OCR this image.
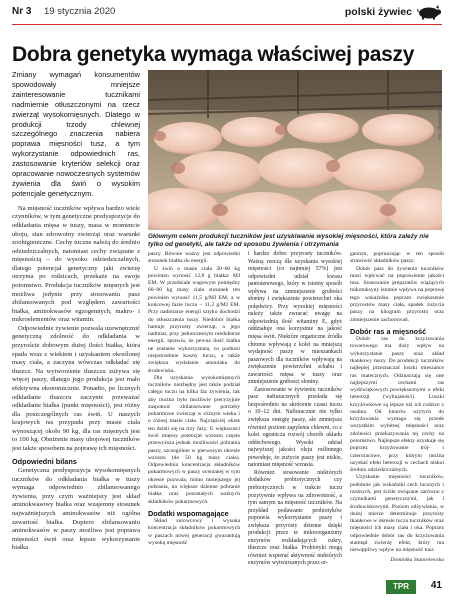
Nr 3 19 stycznia 2020	polski żywiec
Dobra genetyka wymaga właściwej paszy
Zmiany wymagań konsumentów spowodowały mniejsze zainteresowanie tucznikami nadmiernie otłuszczonymi na rzecz zwierząt wysokomięsnych. Dlatego w produkcji trzody chlewnej szczególnego znaczenia nabiera poprawa mięsności tusz, a tym wykorzystanie odpowiednich ras, zastosowanie kryteriów selekcji oraz opracowanie nowoczesnych systemów żywienia dla świń o wysokim potencjale genetycznym.
Fot. Shutterstock / Nay Skubic
Głównym celem produkcji tuczników jest uzyskiwanie wysokiej mięsności, która zależy nie tylko od genetyki, ale także od sposobu żywienia i utrzymania

Na mięsność tuczników wpływa bardzo wiele czynników, w tym genetyczne predyspozycje do odkładania mięsa w tuszy, masa w momencie uboju, stan zdrowotny zwierząt oraz warunki zoohigieniczne. Cechy tuczne należą do średnio odziedziczalnych, natomiast cechy związane z mięsnością – do wysoko odziedziczalnych, dlatego potencjał genetyczny jaki zwierzę otrzyma po rodzicach, przekaże na swoje potomstwo. Produkcja tuczników mięsnych jest możliwa jedynie przy stosowaniu pasz zbilansowanych pod względem zawartości białka, aminokwasów egzogennych, makro- i mikroelementów oraz witamin.

Odpowiednie żywienie pozwala uzewnętrznić genetyczną zdolność do odkładania w przyroście dobowym dużej ilości białka, która spada wraz z wiekiem i uzyskaniem określonej masy ciała, a zaczyna wówczas odkładać się tłuszcz. Na wytworzenie tłuszczu zużywa się więcej paszy, dlatego jego produkcja jest mało efektywna ekonomicznie. Ponadto, po licznych odkładanie tłuszczu zaczynie przeważać odkładanie białka (punkt mięsności), jest różny dla poszczególnych ras świń. U naszych krajowych ras przypada przy masie ciała wynoszącej około 90 kg, dla ras mięsnych jest to 100 kg. Obniżenie masy ubojowej tuczników jest także sposobem na poprawę ich mięsności.

Odpowiedni bilans

Genetyczna predyspozycja wysokomięsnych tuczników do odkładania białka w tuszy wymaga odpowiednio zbilansowanego żywienia, przy czym ważniejszy jest skład aminokwasowy białka oraz wzajemny stosunek najważniejszych aminokwasów niż ogólna zawartość białka. Dopiero zbilansowaniu aminokwasów w paszy możliwa jest poprawa mięsności świń oraz lepsze wykorzystanie białka

paszy. Równie ważny jest odpowiedni stosunek białka do energii.

U świń o masie ciała 30–60 kg powinien wynosić 12,8 g białka/ MJ EM. W przedziale wagowym pomiędzy 60–90 kg masy ciała stosunek ten powinien wynosić 11,5 g/MJ EM, a w końcowej fazie tuczu – 11,2 g/MJ EM. Przy nadmiarze energii sztyko dochodzi do otłuszczenia tuszy. Niedobór białka hamuje przyrosty zwierząt, a jego nadmiar, przy jednoczesnym niedoborze energii, sprawia, że pewna ilość białka ne zostanie wykorzystana, co podnosi niepotrzebnie koszty tuczu, a także zwiększa wydalanie amoniaku do środowiska.

Dla uzyskania wysokomięsnych tuczników niezbędny jest także podział całego tuczu na kilka faz żywienia, tak aby można było możliwie precyzyjnie zaspokoić zbilansowane potrzeby pokarmowe zwierząt w różnym wieku i o różnej masie ciała. Najczęściej okres ten dzieli się na trzy fazy. U większości świń mięsny potencjał wzrostu często przewyższa jednak możliwości pobrania paszy, szczególnie w pierwszym okresie wzrostu (do 50 kg masy ciała). Odpowiednia koncentracja składników pokarmowych w paszy ocenianej w tym okresie pozwala, mimo mniejszego jej pobrania, na większe dzienne pobranie białka oraz pozostałych ważnych składników pokarmowych.

Dodatki wspomagające

Skład surowcowy i wysoka koncentracja składników pokarmowych w paszach nowej generacji gwarantują wysoką mięsność

i bardzo dobre przyrosty tuczników. Ważną rzeczą dla uzyskania wysokiej mięsności (co najmniej 57%) jest odpowiedni udział kwasu pantotenowego, który w istotny sposób wpływa na zmniejszenie grubości słoniny i zwiększenie powierzchni oka polędwicy. Przy wysokiej mięsności należy także zwracać uwagę na odpowiednią ilość witaminy E, gdyż oddziałuje ona korzystnie na jakość mięsa świń. Niektóre organiczne źródła chromu wpływają z kolei na mniejszą wydajność paszy w mieszankach paszowych dla tuczników wpływają na zwiększenie powierzchni schabu i zawartości mięsa w tuszy oraz zmniejszenie grubości słoniny.

Zastosowanie w żywieniu tuczników pasz nafturacznych przełada się bezpośrednio na skrócenie czasu tuczu o 10–12 dni. Nafturacznie nie tylko zwiększa energię paszy, ale zmniejsza również poziom zapylenia chlewni, co z kolei ogranicza rozwój chorób układu oddechowego. Wysoki udział najwyższej jakości oleju roślinnego powoduje, że zużycie paszy jest niskie, natomiast mięsność wzrasta.

Również stosowanie niektórych dodatków probiotycznych czy prebiotycznych w trakcie tuczu pozytywnie wpływa na zdrowotność, a tym samym na mięsność tuczników. Na przykład podawanie probiotyków poprawia wykorzystanie paszy i zwiększa przyrosty dzienne dzięki produkcji przez te mikroorganizmy enzymów rozkładających cukry, tłuszcze oraz białka. Probiotyki mogą również wspierać aktywność niektórych enzymów wytwarzanych przez or-

ganizm, poprawiając w ten sposób strawność składników paszy.

Dobór pasz do żywienia tuczników musi wpływać na poprawienie jakości tusz. Stosowanie preparatów wiążących mikotoksyny istotnie wpływa na poprawę tego wskaźnika poprzez zwiększenie przyrostów masy ciała, spadek zużycia paszy na kilogram przyrostu oraz zmniejszenie zachorowań.

Dobór ras a mięsność

Dobór ras do krzyżowania towarowego ma duży wpływ na wykorzystanie paszy oraz skład tkankowy tuszy. Do produkcji tuczników najlepiej przeznaczać loszki mieszańce ras matecznych. Odznaczają się one najlepszymi cechami ras wydźwiękowych powiększonymi o efekt heterozji (wybujałości). Loszki krzyżówkowe są lepsze niż ich rodzice z osobna. Od knurów użytych do krzyżowania wymaga się przede wszystkim wybitnej mięsności oraz zdolności przekazywania tej cechy na potomstwo. Najlepsze efekty uzyskuje się poprzez krzyżowanie trój- i czteroracowe, przy którym można uzyskać efekt heterozji w cechach niskoi średnio odziedziczalnych.

Uzyskanie mięsności tuczników, podobnie jak wskaźniki cech tucznych i rzeźnych, jest ściśle związane zarówno z czynnikami genetycznymi, jak i środowiskowymi. Poziom odżywienia, w dużej mierze determinuje przyrosty tkankowe w okresie tuczu tuczników oraz mięsności ich masy ciała i oka. Poprzez odpowiednie dobór ras do krzyżowania stamtąd zwierzę efekt, który ma niewątpliwy wpływ na mięsność tusz.

Dominika Stancelewska
TPR	41
